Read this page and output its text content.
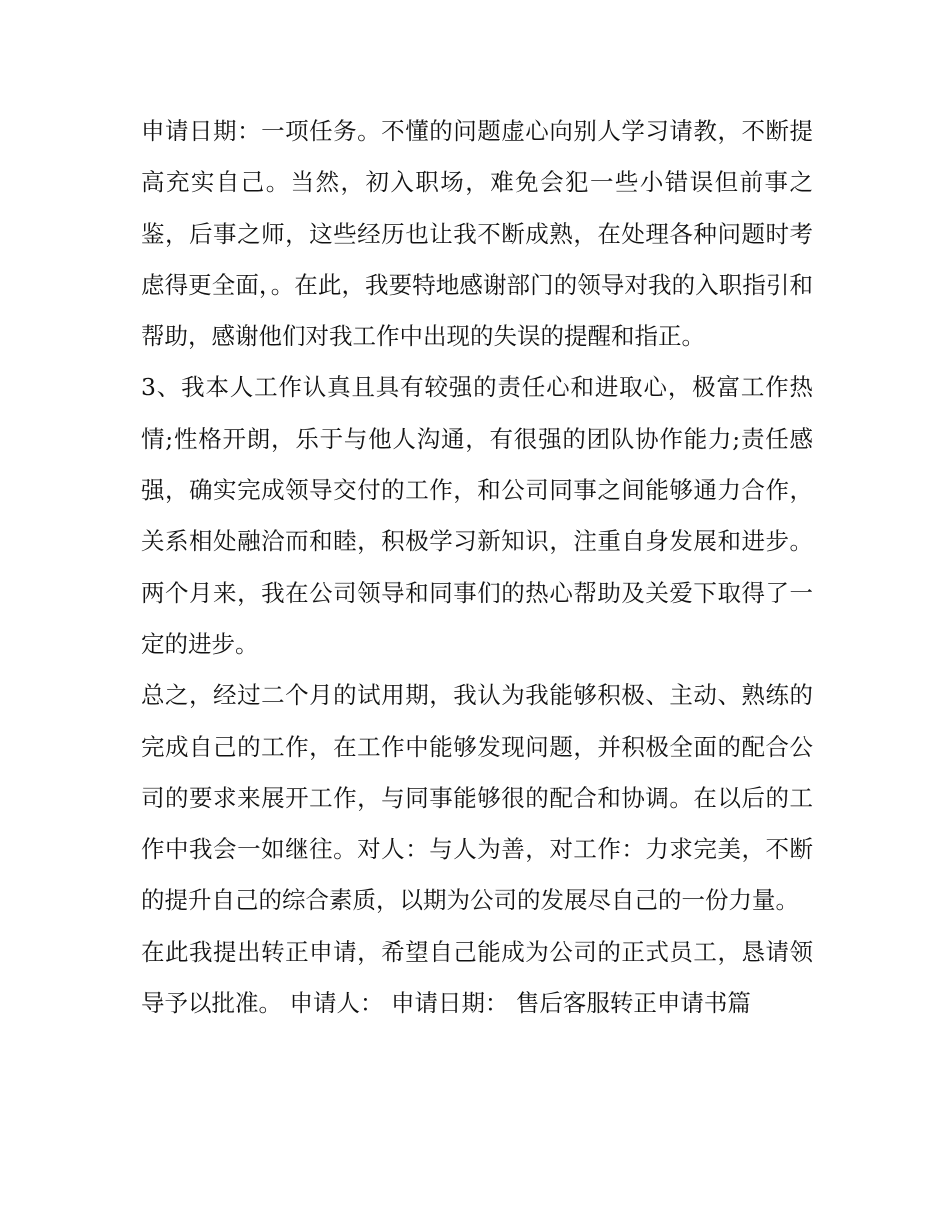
申请日期：一项任务。不懂的问题虚心向别人学习请教，不断提高充实自己。当然，初入职场，难免会犯一些小错误但前事之鉴，后事之师，这些经历也让我不断成熟，在处理各种问题时考虑得更全面，。在此，我要特地感谢部门的领导对我的入职指引和帮助，感谢他们对我工作中出现的失误的提醒和指正。

3、我本人工作认真且具有较强的责任心和进取心，极富工作热情;性格开朗，乐于与他人沟通，有很强的团队协作能力;责任感强，确实完成领导交付的工作，和公司同事之间能够通力合作，关系相处融洽而和睦，积极学习新知识，注重自身发展和进步。两个月来，我在公司领导和同事们的热心帮助及关爱下取得了一定的进步。

总之，经过二个月的试用期，我认为我能够积极、主动、熟练的完成自己的工作，在工作中能够发现问题，并积极全面的配合公司的要求来展开工作，与同事能够很的配合和协调。在以后的工作中我会一如继往。对人：与人为善，对工作：力求完美，不断的提升自己的综合素质，以期为公司的发展尽自己的一份力量。

在此我提出转正申请，希望自己能成为公司的正式员工，恳请领导予以批准。 申请人： 申请日期： 售后客服转正申请书篇
